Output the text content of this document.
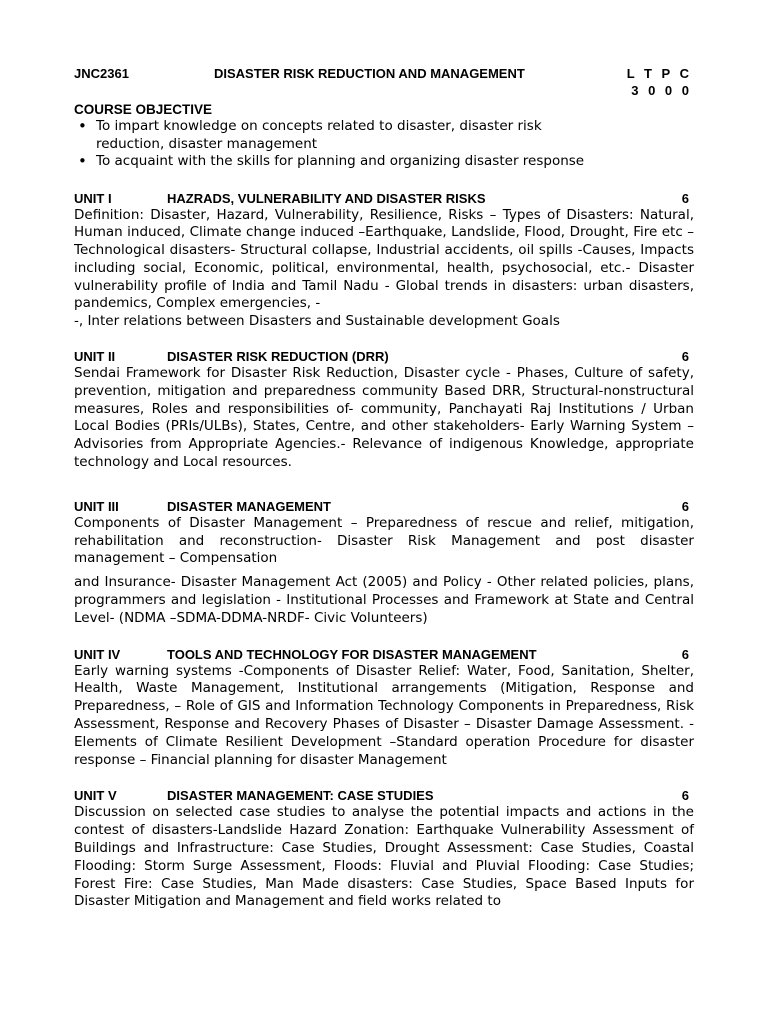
JNC2361	DISASTER RISK REDUCTION AND MANAGEMENT	L T P C
3 0 0 0
COURSE OBJECTIVE
• To impart knowledge on concepts related to disaster, disaster risk reduction, disaster management
• To acquaint with the skills for planning and organizing disaster response
UNIT I	HAZRADS, VULNERABILITY AND DISASTER RISKS	6

Definition: Disaster, Hazard, Vulnerability, Resilience, Risks – Types of Disasters: Natural, Human induced, Climate change induced –Earthquake, Landslide, Flood, Drought, Fire etc – Technological disasters- Structural collapse, Industrial accidents, oil spills -Causes, Impacts including social, Economic, political, environmental, health, psychosocial, etc.- Disaster vulnerability profile of India and Tamil Nadu - Global trends in disasters: urban disasters, pandemics, Complex emergencies, -

-, Inter relations between Disasters and Sustainable development Goals

UNIT II	DISASTER RISK REDUCTION (DRR)	6

Sendai Framework for Disaster Risk Reduction, Disaster cycle - Phases, Culture of safety, prevention, mitigation and preparedness community Based DRR, Structural-nonstructural measures, Roles and responsibilities of- community, Panchayati Raj Institutions / Urban Local Bodies (PRIs/ULBs), States, Centre, and other stakeholders- Early Warning System – Advisories from Appropriate Agencies.- Relevance of indigenous Knowledge, appropriate technology and Local resources.

UNIT III	DISASTER MANAGEMENT	6

Components of Disaster Management – Preparedness of rescue and relief, mitigation, rehabilitation and reconstruction- Disaster Risk Management and post disaster management – Compensation

and Insurance- Disaster Management Act (2005) and Policy - Other related policies, plans, programmers and legislation - Institutional Processes and Framework at State and Central Level- (NDMA –SDMA-DDMA-NRDF- Civic Volunteers)

UNIT IV	TOOLS AND TECHNOLOGY FOR DISASTER MANAGEMENT	6

Early warning systems -Components of Disaster Relief: Water, Food, Sanitation, Shelter, Health, Waste Management, Institutional arrangements (Mitigation, Response and Preparedness, – Role of GIS and Information Technology Components in Preparedness, Risk Assessment, Response and Recovery Phases of Disaster – Disaster Damage Assessment. - Elements of Climate Resilient Development –Standard operation Procedure for disaster response – Financial planning for disaster Management

UNIT V	DISASTER MANAGEMENT: CASE STUDIES	6

Discussion on selected case studies to analyse the potential impacts and actions in the contest of disasters-Landslide Hazard Zonation: Earthquake Vulnerability Assessment of Buildings and Infrastructure: Case Studies, Drought Assessment: Case Studies, Coastal Flooding: Storm Surge Assessment, Floods: Fluvial and Pluvial Flooding: Case Studies; Forest Fire: Case Studies, Man Made disasters: Case Studies, Space Based Inputs for Disaster Mitigation and Management and field works related to
